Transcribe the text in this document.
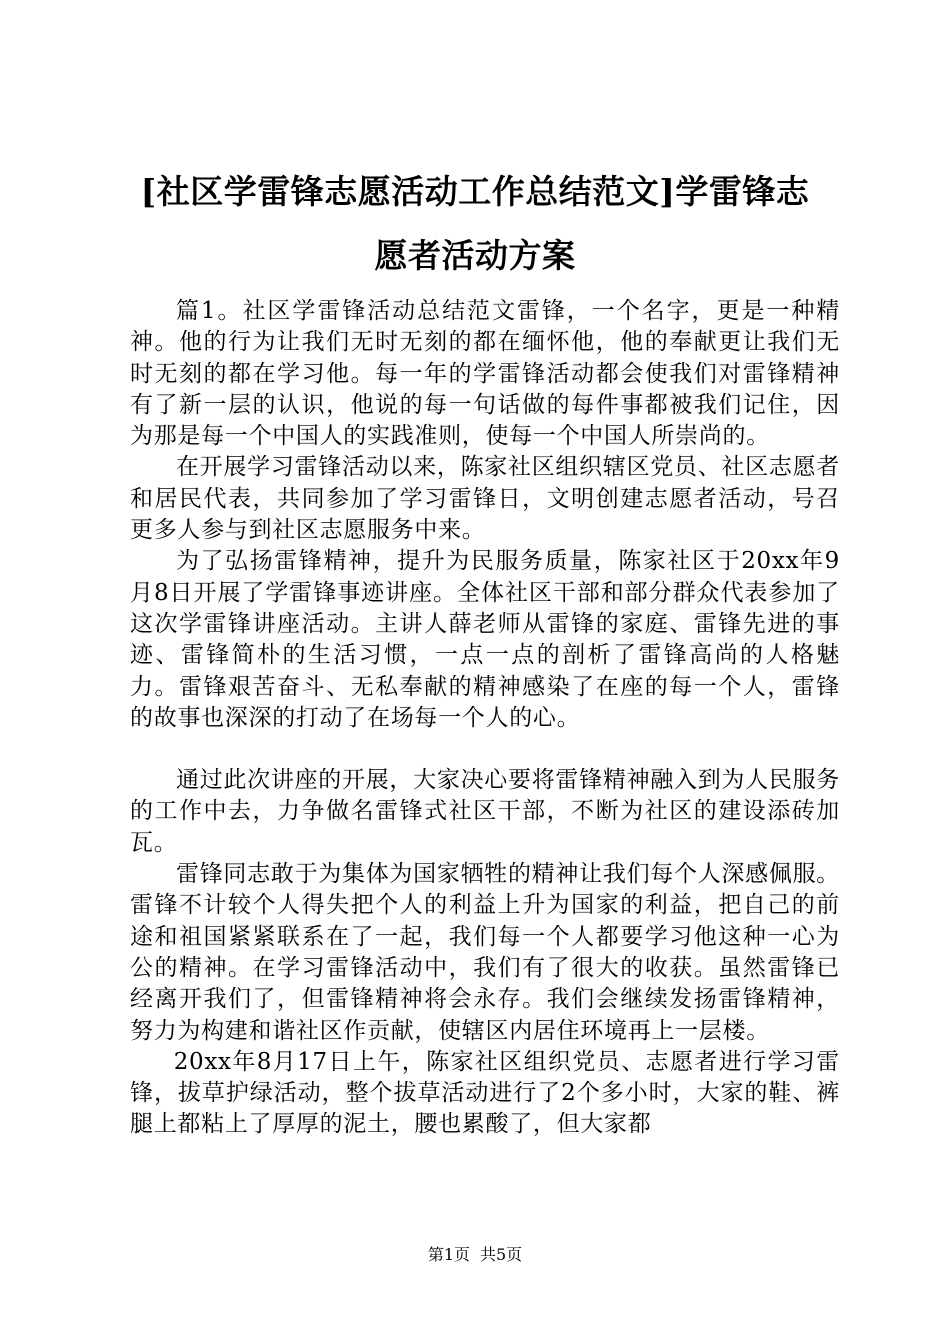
[社区学雷锋志愿活动工作总结范文]学雷锋志
愿者活动方案

篇1。社区学雷锋活动总结范文雷锋，一个名字，更是一种精神。他的行为让我们无时无刻的都在缅怀他，他的奉献更让我们无时无刻的都在学习他。每一年的学雷锋活动都会使我们对雷锋精神有了新一层的认识，他说的每一句话做的每件事都被我们记住，因为那是每一个中国人的实践准则，使每一个中国人所崇尚的。

在开展学习雷锋活动以来，陈家社区组织辖区党员、社区志愿者和居民代表，共同参加了学习雷锋日，文明创建志愿者活动，号召更多人参与到社区志愿服务中来。

为了弘扬雷锋精神，提升为民服务质量，陈家社区于20xx年9月8日开展了学雷锋事迹讲座。全体社区干部和部分群众代表参加了这次学雷锋讲座活动。主讲人薛老师从雷锋的家庭、雷锋先进的事迹、雷锋简朴的生活习惯，一点一点的剖析了雷锋高尚的人格魅力。雷锋艰苦奋斗、无私奉献的精神感染了在座的每一个人，雷锋的故事也深深的打动了在场每一个人的心。

通过此次讲座的开展，大家决心要将雷锋精神融入到为人民服务的工作中去，力争做名雷锋式社区干部，不断为社区的建设添砖加瓦。

雷锋同志敢于为集体为国家牺牲的精神让我们每个人深感佩服。雷锋不计较个人得失把个人的利益上升为国家的利益，把自己的前途和祖国紧紧联系在了一起，我们每一个人都要学习他这种一心为公的精神。在学习雷锋活动中，我们有了很大的收获。虽然雷锋已经离开我们了，但雷锋精神将会永存。我们会继续发扬雷锋精神，努力为构建和谐社区作贡献，使辖区内居住环境再上一层楼。

20xx年8月17日上午，陈家社区组织党员、志愿者进行学习雷锋，拔草护绿活动，整个拔草活动进行了2个多小时，大家的鞋、裤腿上都粘上了厚厚的泥土，腰也累酸了，但大家都

第1页 共5页
